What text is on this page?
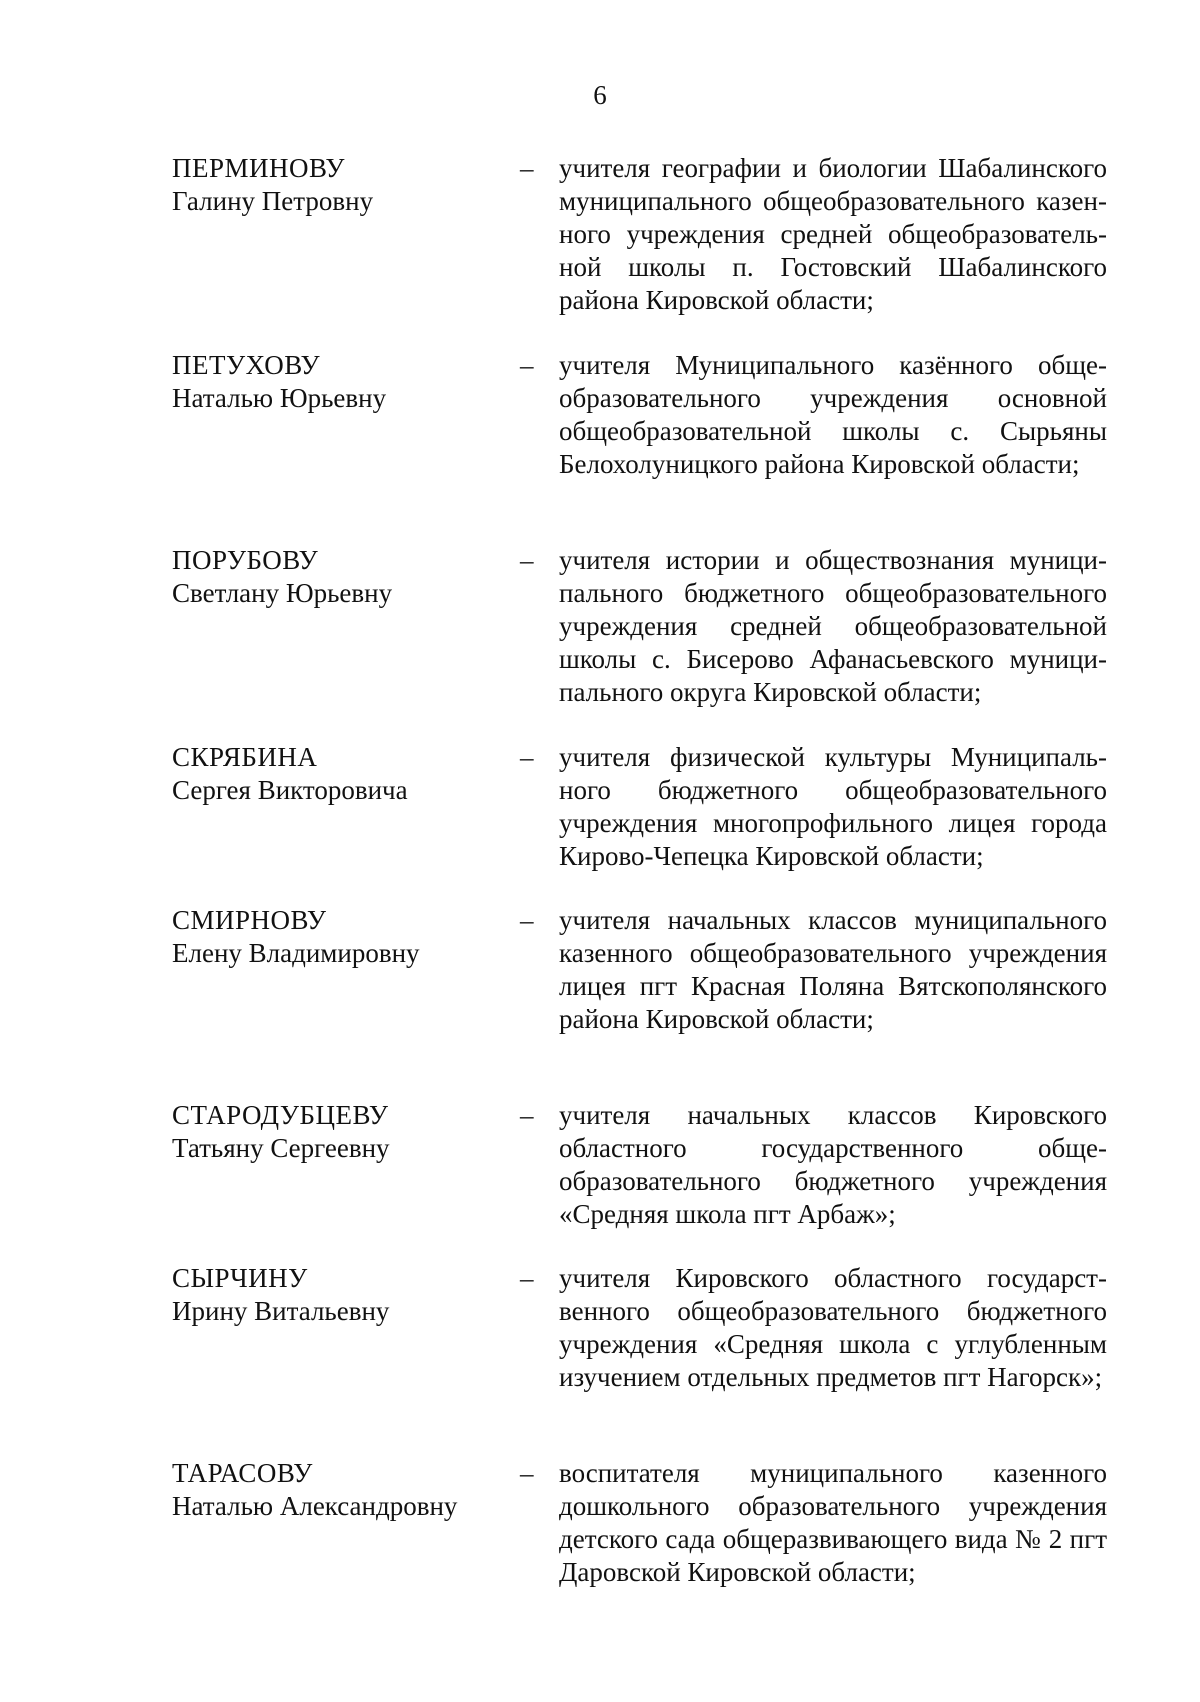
6
ПЕРМИНОВУ
Галину Петровну
– учителя географии и биологии Шабалинского муниципального общеобразовательного казенного учреждения средней общеобразовательной школы п. Гостовский Шабалинского района Кировской области;
ПЕТУХОВУ
Наталью Юрьевну
– учителя Муниципального казённого общеобразовательного учреждения основной общеобразовательной школы с. Сырьяны Белохолуницкого района Кировской области;
ПОРУБОВУ
Светлану Юрьевну
– учителя истории и обществознания муниципального бюджетного общеобразовательного учреждения средней общеобразовательной школы с. Бисерово Афанасьевского муниципального округа Кировской области;
СКРЯБИНА
Сергея Викторовича
– учителя физической культуры Муниципального бюджетного общеобразовательного учреждения многопрофильного лицея города Кирово-Чепецка Кировской области;
СМИРНОВУ
Елену Владимировну
– учителя начальных классов муниципального казенного общеобразовательного учреждения лицея пгт Красная Поляна Вятскополянского района Кировской области;
СТАРОДУБЦЕВУ
Татьяну Сергеевну
– учителя начальных классов Кировского областного государственного общеобразовательного бюджетного учреждения «Средняя школа пгт Арбаж»;
СЫРЧИНУ
Ирину Витальевну
– учителя Кировского областного государственного общеобразовательного бюджетного учреждения «Средняя школа с углубленным изучением отдельных предметов пгт Нагорск»;
ТАРАСОВУ
Наталью Александровну
– воспитателя муниципального казенного дошкольного образовательного учреждения детского сада общеразвивающего вида № 2 пгт Даровской Кировской области;
